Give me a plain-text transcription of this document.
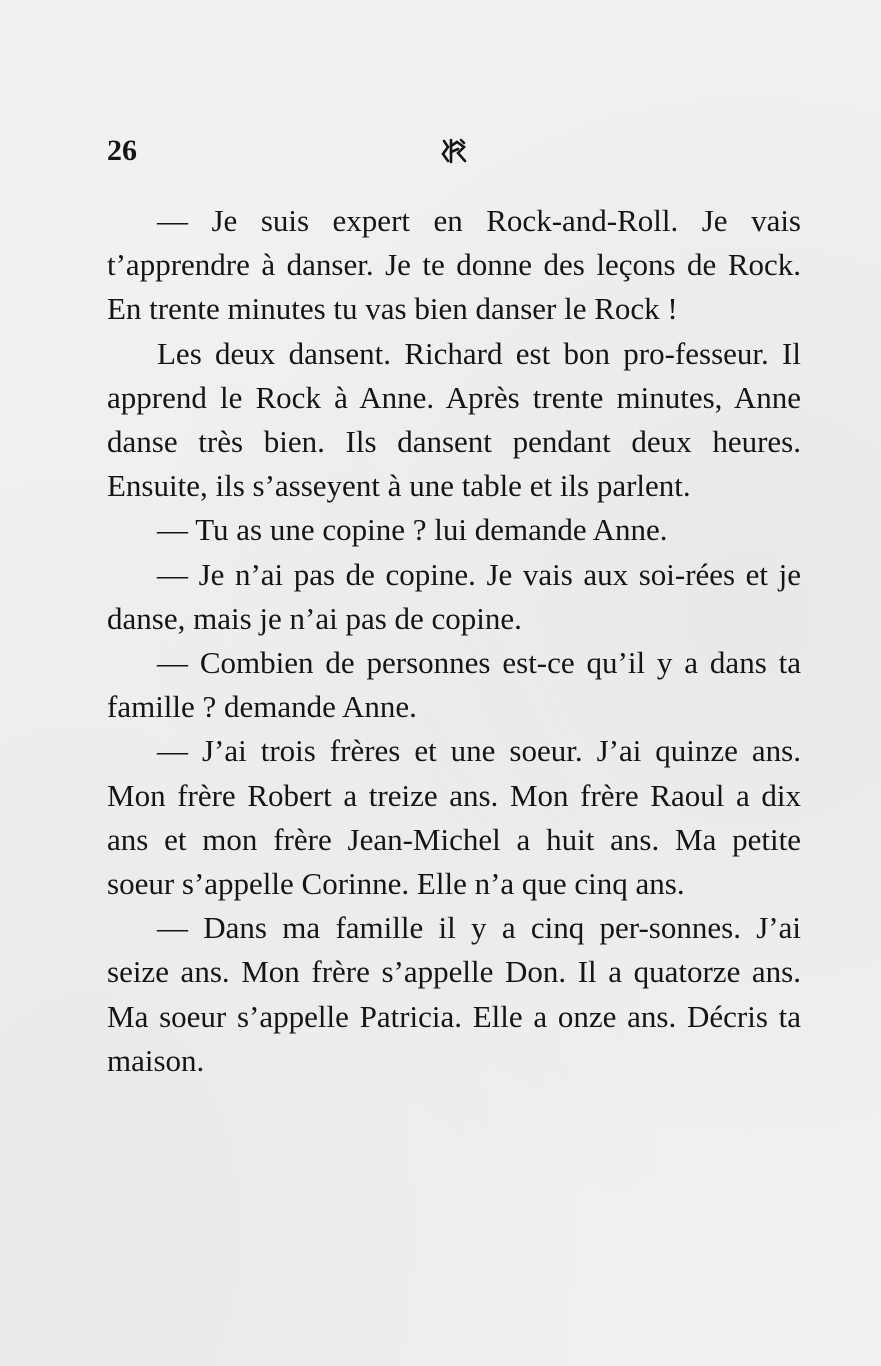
26

— Je suis expert en Rock-and-Roll. Je vais t’apprendre à danser. Je te donne des leçons de Rock. En trente minutes tu vas bien danser le Rock !

Les deux dansent. Richard est bon pro-fesseur. Il apprend le Rock à Anne. Après trente minutes, Anne danse très bien. Ils dansent pendant deux heures. Ensuite, ils s’asseyent à une table et ils parlent.

— Tu as une copine ? lui demande Anne.

— Je n’ai pas de copine. Je vais aux soi-rées et je danse, mais je n’ai pas de copine.

— Combien de personnes est-ce qu’il y a dans ta famille ? demande Anne.

— J’ai trois frères et une soeur. J’ai quinze ans. Mon frère Robert a treize ans. Mon frère Raoul a dix ans et mon frère Jean-Michel a huit ans. Ma petite soeur s’appelle Corinne. Elle n’a que cinq ans.

— Dans ma famille il y a cinq per-sonnes. J’ai seize ans. Mon frère s’appelle Don. Il a quatorze ans. Ma soeur s’appelle Patricia. Elle a onze ans. Décris ta maison.
